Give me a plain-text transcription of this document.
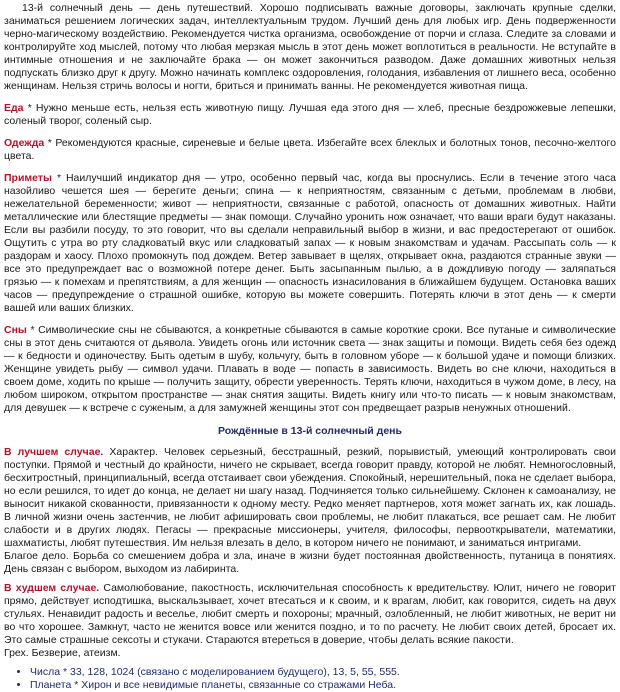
13-й солнечный день — день путешествий. Хорошо подписывать важные договоры, заключать крупные сделки, заниматься решением логических задач, интеллектуальным трудом. Лучший день для любых игр. День подверженности черно-магическому воздействию. Рекомендуется чистка организма, освобождение от порчи и сглаза. Следите за словами и контролируйте ход мыслей, потому что любая мерзкая мысль в этот день может воплотиться в реальности. Не вступайте в интимные отношения и не заключайте брака — он может закончиться разводом. Даже домашних животных нельзя подпускать близко друг к другу. Можно начинать комплекс оздоровления, голодания, избавления от лишнего веса, особенно женщинам. Нельзя стричь волосы и ногти, бриться и принимать ванны. Не рекомендуется животная пища.

Еда * Нужно меньше есть, нельзя есть животную пищу. Лучшая еда этого дня — хлеб, пресные бездрожжевые лепешки, соленый творог, соленый сыр.

Одежда * Рекомендуются красные, сиреневые и белые цвета. Избегайте всех блеклых и болотных тонов, песочно-желтого цвета.

Приметы * Наилучший индикатор дня — утро, особенно первый час, когда вы проснулись. Если в течение этого часа назойливо чешется шея — берегите деньги; спина — к неприятностям, связанным с детьми, проблемам в любви, нежелательной беременности; живот — неприятности, связанные с работой, опасность от домашних животных. Найти металлические или блестящие предметы — знак помощи. Случайно уронить нож означает, что ваши враги будут наказаны. Если вы разбили посуду, то это говорит, что вы сделали неправильный выбор в жизни, и вас предостерегают от ошибок. Ощутить с утра во рту сладковатый вкус или сладковатый запах — к новым знакомствам и удачам. Рассыпать соль — к раздорам и хаосу. Плохо промокнуть под дождем. Ветер завывает в щелях, открывает окна, раздаются странные звуки — все это предупреждает вас о возможной потере денег. Быть засыпанным пылью, а в дождливую погоду — заляпаться грязью — к помехам и препятствиям, а для женщин — опасность изнасилования в ближайшем будущем. Остановка ваших часов — предупреждение о страшной ошибке, которую вы можете совершить. Потерять ключи в этот день — к смерти вашей или ваших близких.

Сны * Символические сны не сбываются, а конкретные сбываются в самые короткие сроки. Все путаные и символические сны в этот день считаются от дьявола. Увидеть огонь или источник света — знак защиты и помощи. Видеть себя без одежд — к бедности и одиночеству. Быть одетым в шубу, кольчугу, быть в головном уборе — к большой удаче и помощи близких. Женщине увидеть рыбу — символ удачи. Плавать в воде — попасть в зависимость. Видеть во сне ключи, находиться в своем доме, ходить по крыше — получить защиту, обрести уверенность. Терять ключи, находиться в чужом доме, в лесу, на любом широком, открытом пространстве — знак снятия защиты. Видеть книгу или что-то писать — к новым знакомствам, для девушек — к встрече с суженым, а для замужней женщины этот сон предвещает разрыв ненужных отношений.

Рождённые в 13-й солнечный день

В лучшем случае. Характер. Человек серьезный, бесстрашный, резкий, порывистый, умеющий контролировать свои поступки. Прямой и честный до крайности, ничего не скрывает, всегда говорит правду, которой не любят. Немногословный, бесхитростный, принципиальный, всегда отстаивает свои убеждения. Спокойный, нерешительный, пока не сделает выбора, но если решился, то идет до конца, не делает ни шагу назад. Подчиняется только сильнейшему. Склонен к самоанализу, не выносит никакой скованности, привязанности к одному месту. Редко меняет партнеров, хотя может загнать их, как лошадь. В личной жизни очень застенчив, не любит афишировать свои проблемы, не любит плакаться, все решает сам. Не любит слабости и в других людях. Пегасы — прекрасные миссионеры, учителя, философы, первооткрыватели, математики, шахматисты, любят путешествия. Им нельзя влезать в дело, в котором ничего не понимают, и заниматься интригами.

Благое дело. Борьба со смешением добра и зла, иначе в жизни будет постоянная двойственность, путаница в понятиях. День связан с выбором, выходом из лабиринта.

В худшем случае. Самолюбование, пакостность, исключительная способность к вредительству. Юлит, ничего не говорит прямо, действует исподтишка, выскальзывает, хочет втесаться и к своим, и к врагам, любит, как говорится, сидеть на двух стульях. Ненавидит радость и веселье, любит смерть и похороны; мрачный, озлобленный, не любит животных, не верит ни во что хорошее. Замкнут, часто не женится вовсе или женится поздно, и то по расчету. Не любит своих детей, бросает их. Это самые страшные сексоты и стукачи. Стараются втереться в доверие, чтобы делать всякие пакости.

Грех. Безверие, атеизм.

• Числа * 33, 128, 1024 (связано с моделированием будущего), 13, 5, 55, 555.
• Планета * Хирон и все невидимые планеты, связанные со стражами Неба.
